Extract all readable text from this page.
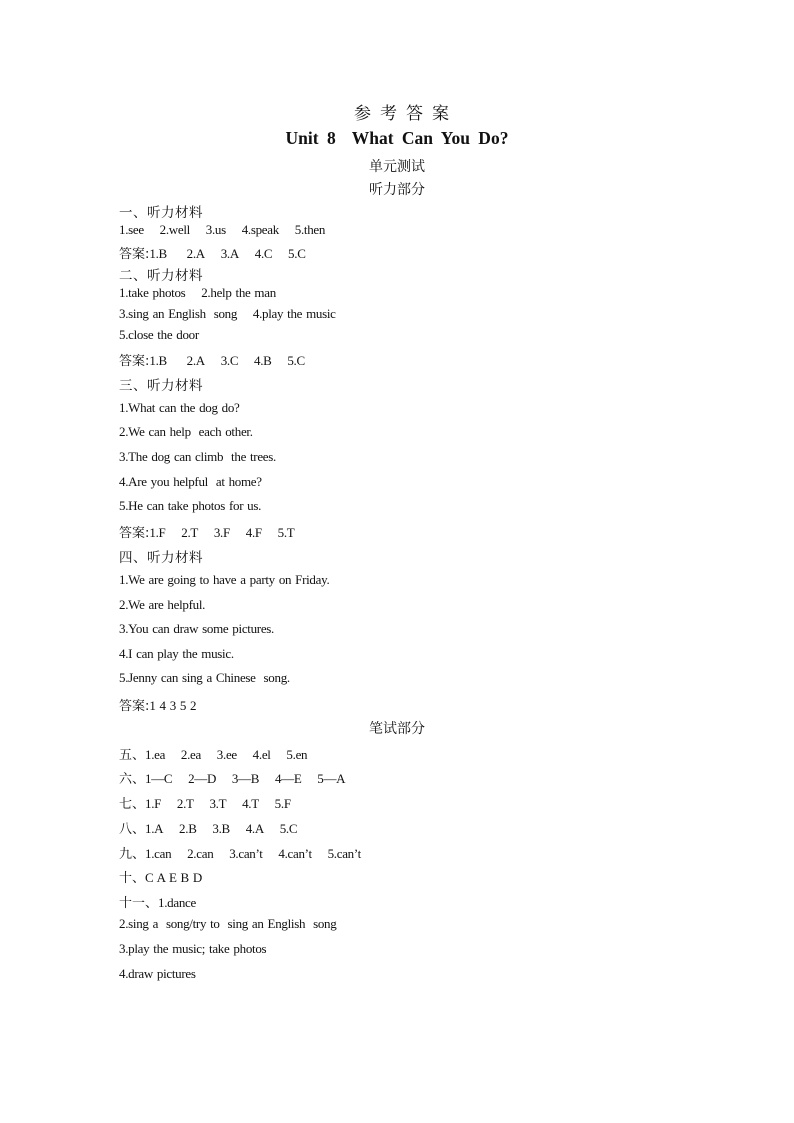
参考答案
Unit 8 What Can You Do?
单元测试
听力部分
笔试部分
一、听力材料
1.see    2.well    3.us    4.speak    5.then
答案:1.B     2.A    3.A    4.C    5.C
二、听力材料
1.take photos    2.help the man
3.sing an English  song    4.play the music
5.close the door
答案:1.B     2.A    3.C    4.B    5.C
三、听力材料
1.What can the dog do?
2.We can help  each other.
3.The dog can climb  the trees.
4.Are you helpful  at home?
5.He can take photos for us.
答案:1.F    2.T    3.F    4.F    5.T
四、听力材料
1.We are going to have a party on Friday.
2.We are helpful.
3.You can draw some pictures.
4.I can play the music.
5.Jenny can sing a Chinese  song.
答案:1 4 3 5 2
五、1.ea    2.ea    3.ee    4.el    5.en
六、1—C    2—D    3—B    4—E    5—A
七、1.F    2.T    3.T    4.T    5.F
八、1.A    2.B    3.B    4.A    5.C
九、1.can    2.can    3.can’t    4.can’t    5.can’t
十、C A E B D
十一、1.dance
2.sing a  song/try to  sing an English  song
3.play the music; take photos
4.draw pictures
